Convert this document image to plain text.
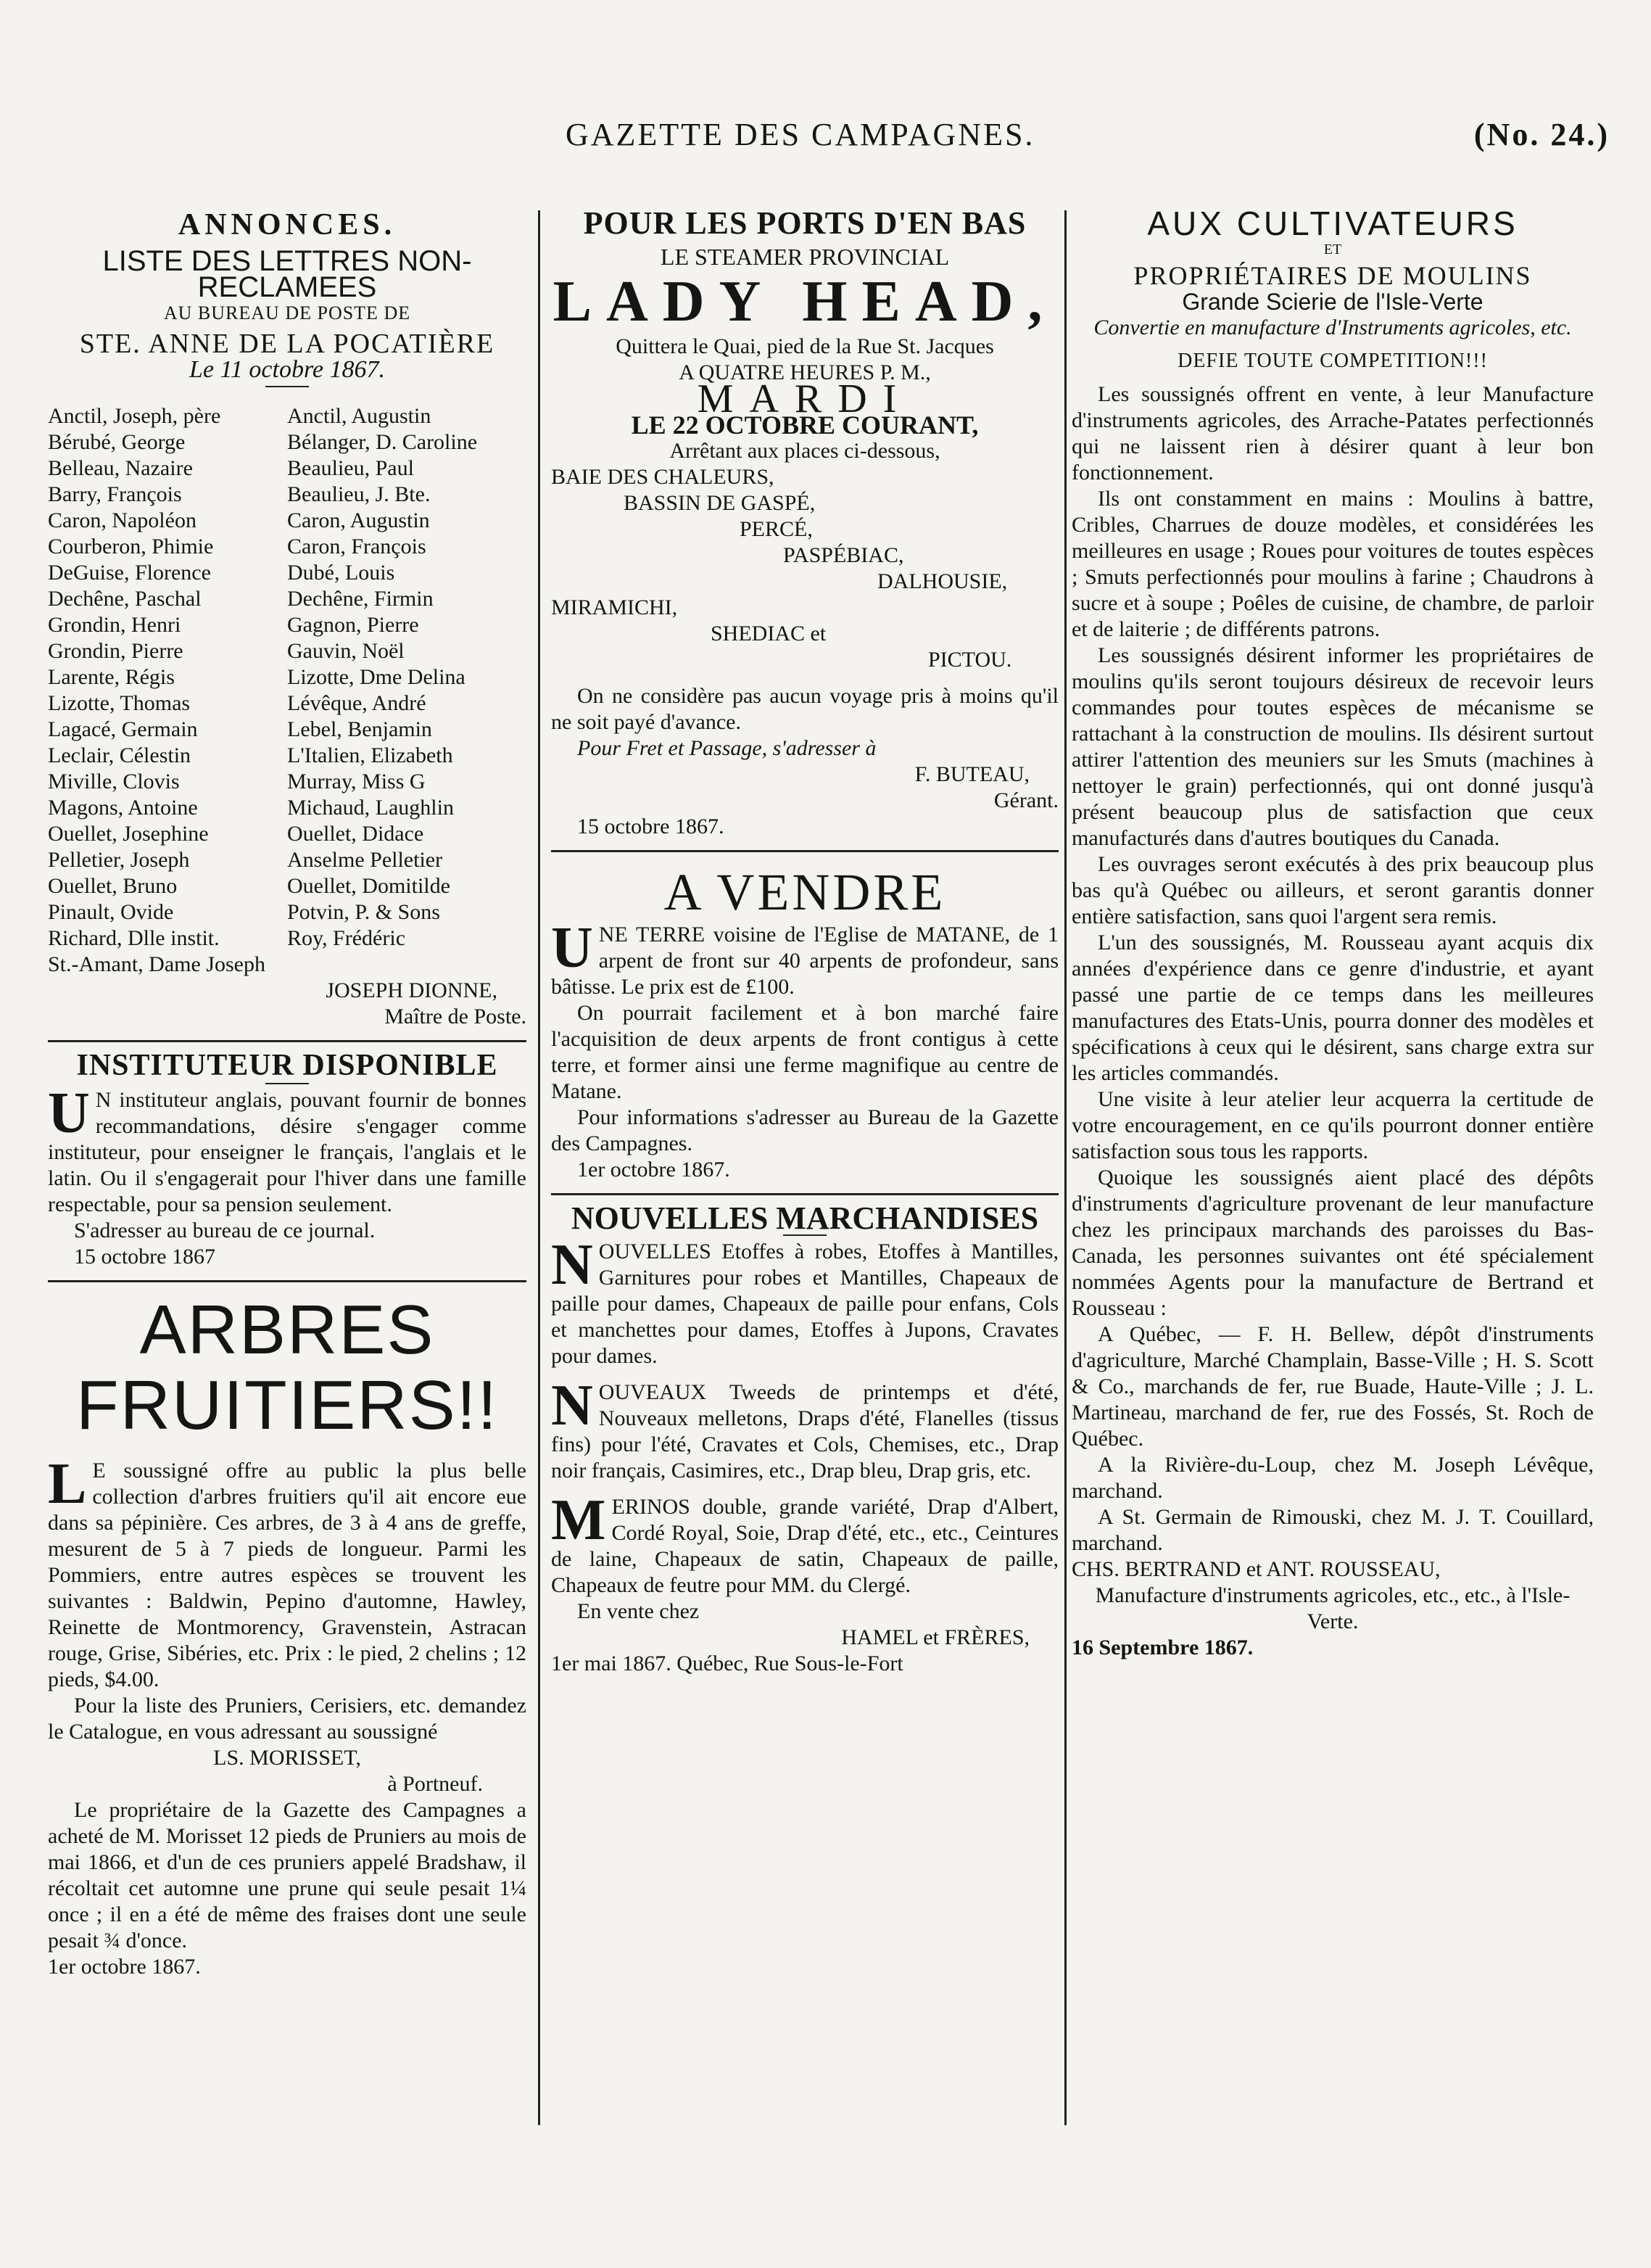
GAZETTE DES CAMPAGNES.	(No. 24.)
ANNONCES.
LISTE DES LETTRES NON-RECLAMEES
AU BUREAU DE POSTE DE
STE. ANNE DE LA POCATIÈRE
Le 11 octobre 1867.
Anctil, Joseph, père	Anctil, Augustin
Bérubé, George	Bélanger, D. Caroline
Belleau, Nazaire	Beaulieu, Paul
Barry, François	Beaulieu, J. Bte.
Caron, Napoléon	Caron, Augustin
Courberon, Phimie	Caron, François
DeGuise, Florence	Dubé, Louis
Dechêne, Paschal	Dechêne, Firmin
Grondin, Henri	Gagnon, Pierre
Grondin, Pierre	Gauvin, Noël
Larente, Régis	Lizotte, Dme Delina
Lizotte, Thomas	Lévêque, André
Lagacé, Germain	Lebel, Benjamin
Leclair, Célestin	L'Italien, Elizabeth
Miville, Clovis	Murray, Miss G
Magons, Antoine	Michaud, Laughlin
Ouellet, Josephine	Ouellet, Didace
Pelletier, Joseph	Anselme Pelletier
Ouellet, Bruno	Ouellet, Domitilde
Pinault, Ovide	Potvin, P. & Sons
Richard, Dlle instit.	Roy, Frédéric
St.-Amant, Dame Joseph
JOSEPH DIONNE,
Maître de Poste.
INSTITUTEUR DISPONIBLE

U N instituteur anglais, pouvant fournir de bonnes recommandations, désire s'engager comme instituteur, pour enseigner le français, l'anglais et le latin. Ou il s'engagerait pour l'hiver dans une famille respectable, pour sa pension seulement.

S'adresser au bureau de ce journal.

15 octobre 1867

ARBRES FRUITIERS!!

L E soussigné offre au public la plus belle collection d'arbres fruitiers qu'il ait encore eue dans sa pépinière. Ces arbres, de 3 à 4 ans de greffe, mesurent de 5 à 7 pieds de longueur. Parmi les Pommiers, entre autres espèces se trouvent les suivantes : Baldwin, Pepino d'automne, Hawley, Reinette de Montmorency, Gravenstein, Astracan rouge, Grise, Sibéries, etc. Prix : le pied, 2 chelins ; 12 pieds, $4.00.

Pour la liste des Pruniers, Cerisiers, etc. demandez le Catalogue, en vous adressant au soussigné

LS. MORISSET,
à Portneuf.

Le propriétaire de la Gazette des Campagnes a acheté de M. Morisset 12 pieds de Pruniers au mois de mai 1866, et d'un de ces pruniers appelé Bradshaw, il récoltait cet automne une prune qui seule pesait 1¼ once ; il en a été de même des fraises dont une seule pesait ¾ d'once.

1er octobre 1867.

POUR LES PORTS D'EN BAS
LE STEAMER PROVINCIAL
LADY HEAD,
Quittera le Quai, pied de la Rue St. Jacques
A QUATRE HEURES P. M.,
MARDI
LE 22 OCTOBRE COURANT,
Arrêtant aux places ci-dessous,
BAIE DES CHALEURS,
BASSIN DE GASPÉ,
PERCÉ,
PASPÉBIAC,
DALHOUSIE,
MIRAMICHI,
SHEDIAC et
PICTOU.

On ne considère pas aucun voyage pris à moins qu'il ne soit payé d'avance.

Pour Fret et Passage, s'adresser à

F. BUTEAU,
Gérant.

15 octobre 1867.

A VENDRE

UNE TERRE voisine de l'Eglise de MATANE, de 1 arpent de front sur 40 arpents de profondeur, sans bâtisse. Le prix est de £100.

On pourrait facilement et à bon marché faire l'acquisition de deux arpents de front contigus à cette terre, et former ainsi une ferme magnifique au centre de Matane.

Pour informations s'adresser au Bureau de la Gazette des Campagnes.

1er octobre 1867.

NOUVELLES MARCHANDISES

NOUVELLES Etoffes à robes, Etoffes à Mantilles, Garnitures pour robes et Mantilles, Chapeaux de paille pour dames, Chapeaux de paille pour enfans, Cols et manchettes pour dames, Etoffes à Jupons, Cravates pour dames.

NOUVEAUX Tweeds de printemps et d'été, Nouveaux melletons, Draps d'été, Flanelles (tissus fins) pour l'été, Cravates et Cols, Chemises, etc., Drap noir français, Casimires, etc., Drap bleu, Drap gris, etc.

MERINOS double, grande variété, Drap d'Albert, Cordé Royal, Soie, Drap d'été, etc., etc., Ceintures de laine, Chapeaux de satin, Chapeaux de paille, Chapeaux de feutre pour MM. du Clergé.

En vente chez

HAMEL et FRÈRES,

1er mai 1867. Québec, Rue Sous-le-Fort

AUX CULTIVATEURS
ET
PROPRIÉTAIRES DE MOULINS
Grande Scierie de l'Isle-Verte
Convertie en manufacture d'Instruments agricoles, etc.
DEFIE TOUTE COMPETITION!!!

Les soussignés offrent en vente, à leur Manufacture d'instruments agricoles, des Arrache-Patates perfectionnés qui ne laissent rien à désirer quant à leur bon fonctionnement.

Ils ont constamment en mains : Moulins à battre, Cribles, Charrues de douze modèles, et considérées les meilleures en usage ; Roues pour voitures de toutes espèces ; Smuts perfectionnés pour moulins à farine ; Chaudrons à sucre et à soupe ; Poêles de cuisine, de chambre, de parloir et de laiterie ; de différents patrons.

Les soussignés désirent informer les propriétaires de moulins qu'ils seront toujours désireux de recevoir leurs commandes pour toutes espèces de mécanisme se rattachant à la construction de moulins. Ils désirent surtout attirer l'attention des meuniers sur les Smuts (machines à nettoyer le grain) perfectionnés, qui ont donné jusqu'à présent beaucoup plus de satisfaction que ceux manufacturés dans d'autres boutiques du Canada.

Les ouvrages seront exécutés à des prix beaucoup plus bas qu'à Québec ou ailleurs, et seront garantis donner entière satisfaction, sans quoi l'argent sera remis.

L'un des soussignés, M. Rousseau ayant acquis dix années d'expérience dans ce genre d'industrie, et ayant passé une partie de ce temps dans les meilleures manufactures des Etats-Unis, pourra donner des modèles et spécifications à ceux qui le désirent, sans charge extra sur les articles commandés.

Une visite à leur atelier leur acquerra la certitude de votre encouragement, en ce qu'ils pourront donner entière satisfaction sous tous les rapports.

Quoique les soussignés aient placé des dépôts d'instruments d'agriculture provenant de leur manufacture chez les principaux marchands des paroisses du Bas-Canada, les personnes suivantes ont été spécialement nommées Agents pour la manufacture de Bertrand et Rousseau :

A Québec, — F. H. Bellew, dépôt d'instruments d'agriculture, Marché Champlain, Basse-Ville ; H. S. Scott & Co., marchands de fer, rue Buade, Haute-Ville ; J. L. Martineau, marchand de fer, rue des Fossés, St. Roch de Québec.

A la Rivière-du-Loup, chez M. Joseph Lévêque, marchand.

A St. Germain de Rimouski, chez M. J. T. Couillard, marchand.

CHS. BERTRAND et ANT. ROUSSEAU,
Manufacture d'instruments agricoles, etc., etc., à l'Isle-Verte.
16 Septembre 1867.
